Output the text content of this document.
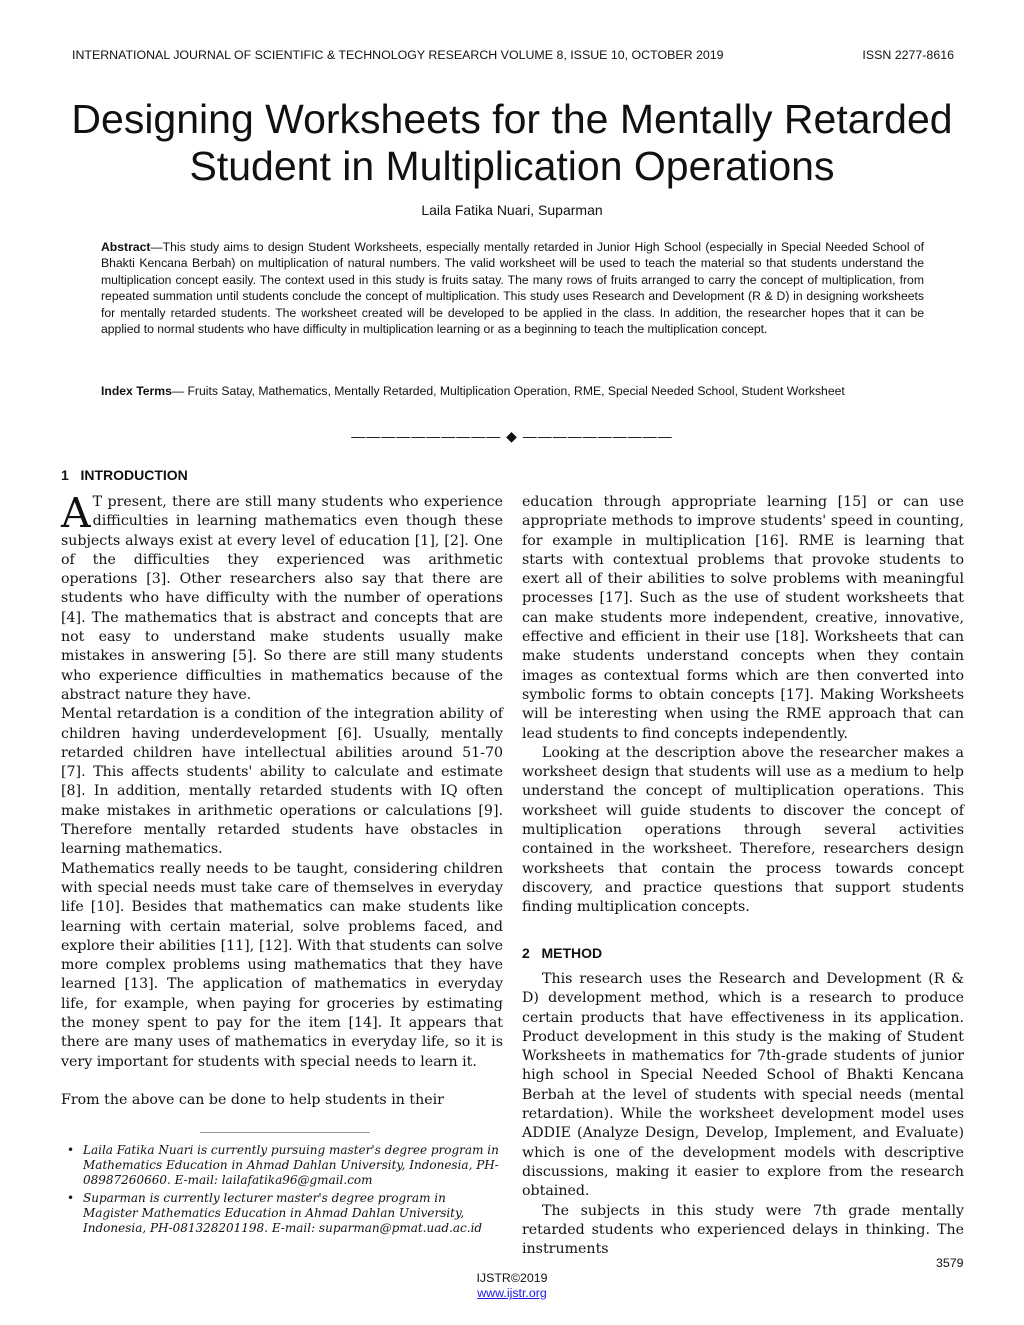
INTERNATIONAL JOURNAL OF SCIENTIFIC & TECHNOLOGY RESEARCH VOLUME 8, ISSUE 10, OCTOBER 2019	ISSN 2277-8616
Designing Worksheets for the Mentally Retarded
Student in Multiplication Operations
Laila Fatika Nuari, Suparman
Abstract—This study aims to design Student Worksheets, especially mentally retarded in Junior High School (especially in Special Needed School of Bhakti Kencana Berbah) on multiplication of natural numbers. The valid worksheet will be used to teach the material so that students understand the multiplication concept easily. The context used in this study is fruits satay. The many rows of fruits arranged to carry the concept of multiplication, from repeated summation until students conclude the concept of multiplication. This study uses Research and Development (R & D) in designing worksheets for mentally retarded students. The worksheet created will be developed to be applied in the class. In addition, the researcher hopes that it can be applied to normal students who have difficulty in multiplication learning or as a beginning to teach the multiplication concept.
Index Terms— Fruits Satay, Mathematics, Mentally Retarded, Multiplication Operation, RME, Special Needed School, Student Worksheet
—————————— ◆ ——————————
1 INTRODUCTION

A T present, there are still many students who experience difficulties in learning mathematics even though these subjects always exist at every level of education [1], [2]. One of the difficulties they experienced was arithmetic operations [3]. Other researchers also say that there are students who have difficulty with the number of operations [4]. The mathematics that is abstract and concepts that are not easy to understand make students usually make mistakes in answering [5]. So there are still many students who experience difficulties in mathematics because of the abstract nature they have.

Mental retardation is a condition of the integration ability of children having underdevelopment [6]. Usually, mentally retarded children have intellectual abilities around 51-70 [7]. This affects students' ability to calculate and estimate [8]. In addition, mentally retarded students with IQ often make mistakes in arithmetic operations or calculations [9]. Therefore mentally retarded students have obstacles in learning mathematics.

Mathematics really needs to be taught, considering children with special needs must take care of themselves in everyday life [10]. Besides that mathematics can make students like learning with certain material, solve problems faced, and explore their abilities [11], [12]. With that students can solve more complex problems using mathematics that they have learned [13]. The application of mathematics in everyday life, for example, when paying for groceries by estimating the money spent to pay for the item [14]. It appears that there are many uses of mathematics in everyday life, so it is very important for students with special needs to learn it.

From the above can be done to help students in their

education through appropriate learning [15] or can use appropriate methods to improve students' speed in counting, for example in multiplication [16]. RME is learning that starts with contextual problems that provoke students to exert all of their abilities to solve problems with meaningful processes [17]. Such as the use of student worksheets that can make students more independent, creative, innovative, effective and efficient in their use [18]. Worksheets that can make students understand concepts when they contain images as contextual forms which are then converted into symbolic forms to obtain concepts [17]. Making Worksheets will be interesting when using the RME approach that can lead students to find concepts independently.

Looking at the description above the researcher makes a worksheet design that students will use as a medium to help understand the concept of multiplication operations. This worksheet will guide students to discover the concept of multiplication operations through several activities contained in the worksheet. Therefore, researchers design worksheets that contain the process towards concept discovery, and practice questions that support students finding multiplication concepts.

2 METHOD

This research uses the Research and Development (R & D) development method, which is a research to produce certain products that have effectiveness in its application. Product development in this study is the making of Student Worksheets in mathematics for 7th-grade students of junior high school in Special Needed School of Bhakti Kencana Berbah at the level of students with special needs (mental retardation). While the worksheet development model uses ADDIE (Analyze Design, Develop, Implement, and Evaluate) which is one of the development models with descriptive discussions, making it easier to explore from the research obtained.

The subjects in this study were 7th grade mentally retarded students who experienced delays in thinking. The instruments

• Laila Fatika Nuari is currently pursuing master's degree program in Mathematics Education in Ahmad Dahlan University, Indonesia, PH-08987260660. E-mail: lailafatika96@gmail.com
• Suparman is currently lecturer master's degree program in Magister Mathematics Education in Ahmad Dahlan University, Indonesia, PH-081328201198. E-mail: suparman@pmat.uad.ac.id
3579
IJSTR©2019
www.ijstr.org
